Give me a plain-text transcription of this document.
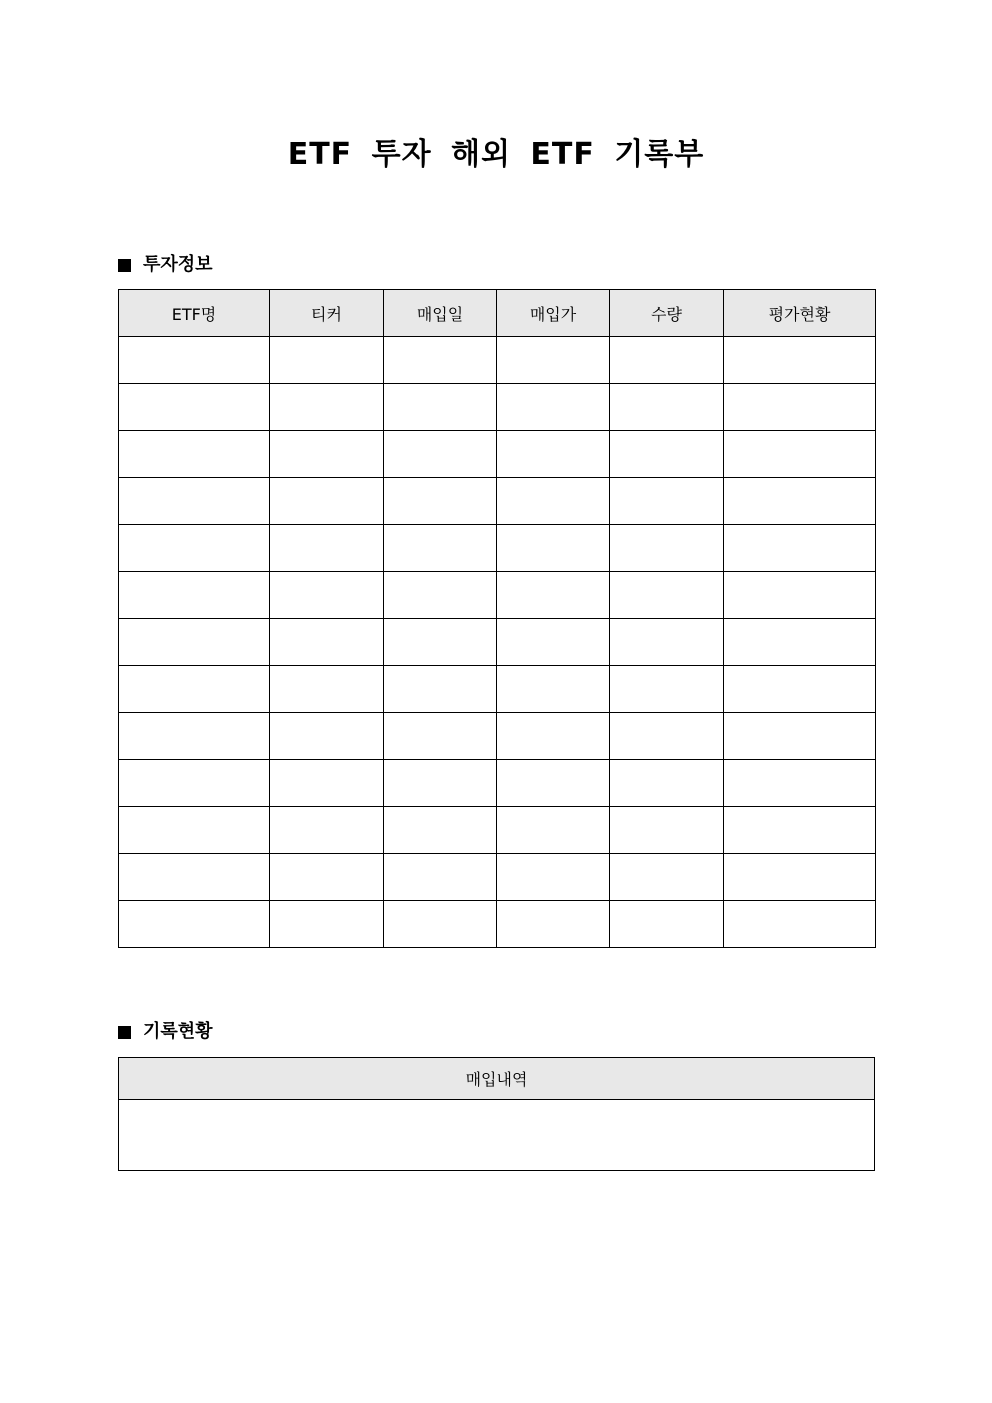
ETF 투자 해외 ETF 기록부
투자정보
ETF명	티커	매입일	매입가	수량	평가현황

기록현황
매입내역
